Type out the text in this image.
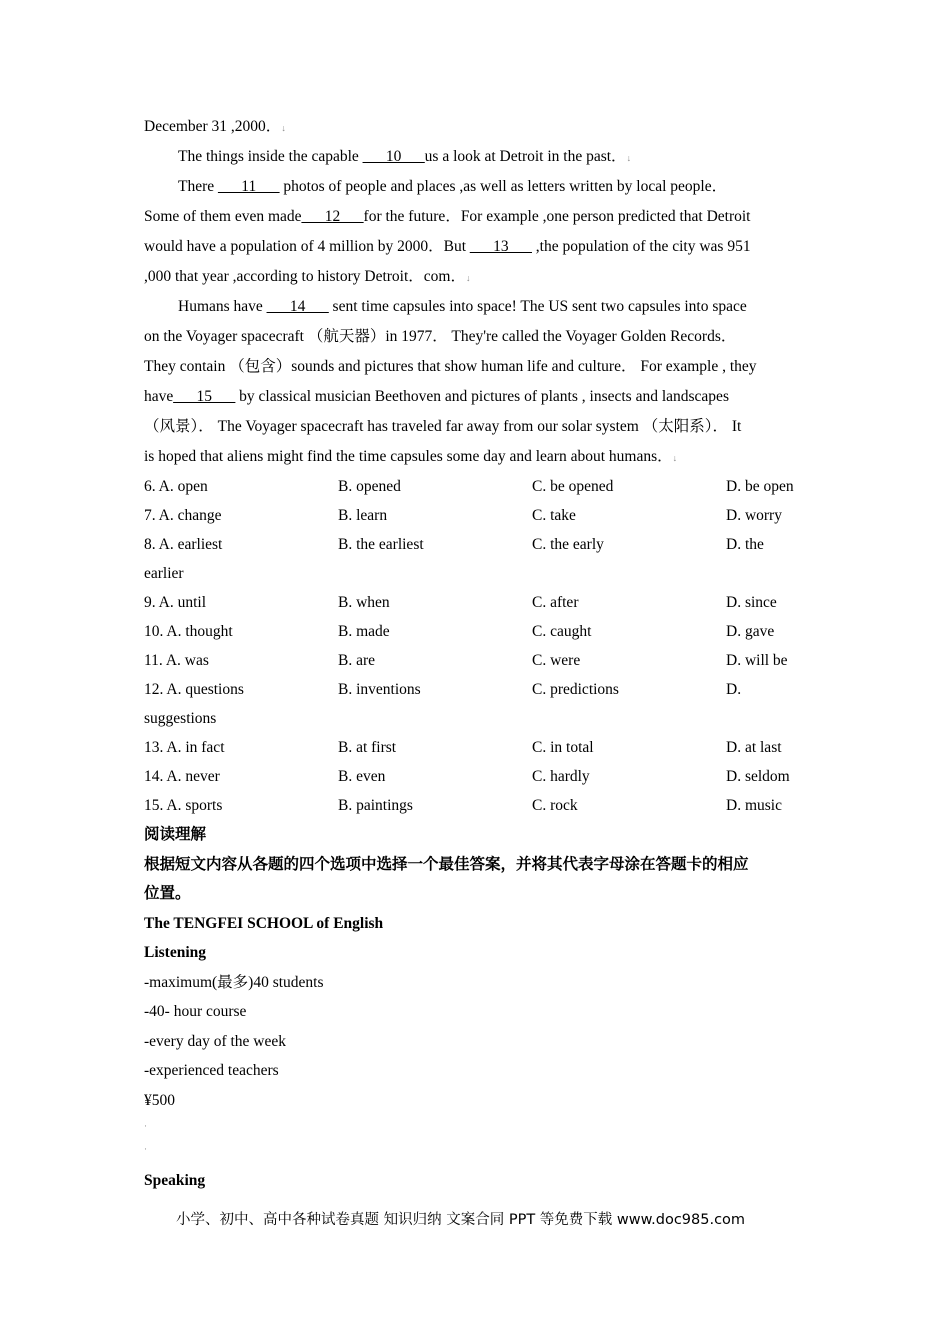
December 31 ,2000．↓
The things inside the capable ___10___us a look at Detroit in the past．↓
There ___11___ photos of people and places ,as well as letters written by local people．
Some of them even made___12___for the future．For example ,one person predicted that Detroit
would have a population of 4 million by 2000．But ___13___ ,the population of the city was 951
,000 that year ,according to history Detroit．com．↓
Humans have ___14___ sent time capsules into space! The US sent two capsules into space
on the Voyager spacecraft （航天器）in 1977． They're called the Voyager Golden Records．
They contain （包含）sounds and pictures that show human life and culture． For example , they
have___15___ by classical musician Beethoven and pictures of plants , insects and landscapes
（风景）． The Voyager spacecraft has traveled far away from our solar system （太阳系）． It
is hoped that aliens might find the time capsules some day and learn about humans．↓
6. A. open	B. opened	C. be opened	D. be open
7. A. change	B. learn	C. take	D. worry
8. A. earliest	B. the earliest	C. the early	D. the
earlier
9. A. until	B. when	C. after	D. since
10. A. thought	B. made	C. caught	D. gave
11. A. was	B. are	C. were	D. will be
12. A. questions	B. inventions	C. predictions	D.
suggestions
13. A. in fact	B. at first	C. in total	D. at last
14. A. never	B. even	C. hardly	D. seldom
15. A. sports	B. paintings	C. rock	D. music
阅读理解
根据短文内容从各题的四个选项中选择一个最佳答案，并将其代表字母涂在答题卡的相应
位置。
The TENGFEI SCHOOL of English
Listening
-maximum(最多)40 students
-40- hour course
-every day of the week
-experienced teachers
¥500
·
·
Speaking
小学、初中、高中各种试卷真题 知识归纳 文案合同 PPT 等免费下载 www.doc985.com
